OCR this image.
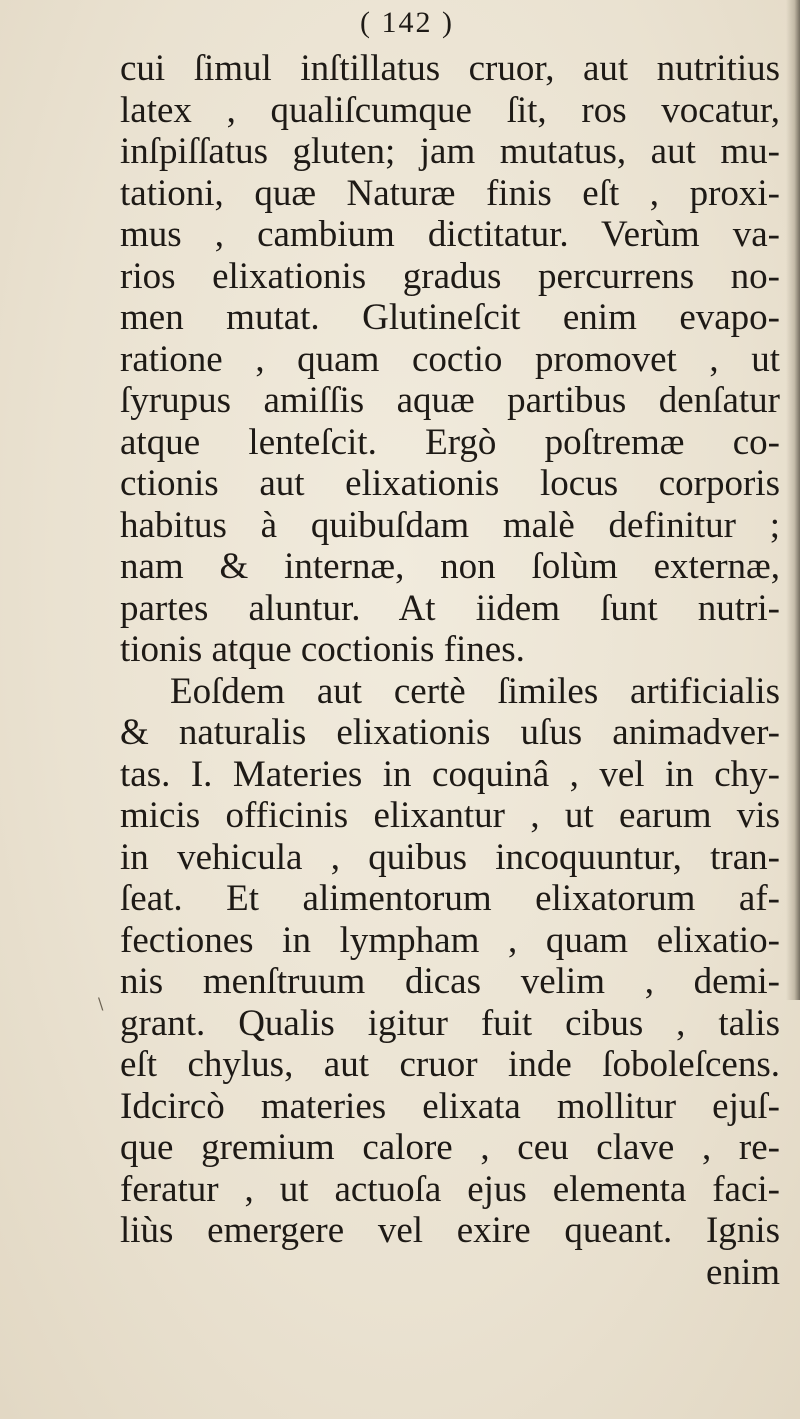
( 142 )
cui ſimul inſtillatus cruor, aut nutritius
latex , qualiſcumque ſit, ros vocatur,
inſpiſſatus gluten; jam mutatus, aut mu-
tationi, quæ Naturæ finis eſt , proxi-
mus , cambium dictitatur. Verùm va-
rios elixationis gradus percurrens no-
men mutat. Glutineſcit enim evapo-
ratione , quam coctio promovet , ut
ſyrupus amiſſis aquæ partibus denſatur
atque lenteſcit. Ergò poſtremæ co-
ctionis aut elixationis locus corporis
habitus à quibuſdam malè definitur ;
nam & internæ, non ſolùm externæ,
partes aluntur. At iidem ſunt nutri-
tionis atque coctionis fines.
Eoſdem aut certè ſimiles artificialis
& naturalis elixationis uſus animadver-
tas. I. Materies in coquinâ , vel in chy-
micis officinis elixantur , ut earum vis
in vehicula , quibus incoquuntur, tran-
ſeat. Et alimentorum elixatorum af-
fectiones in lympham , quam elixatio-
nis menſtruum dicas velim , demi-
grant. Qualis igitur fuit cibus , talis
eſt chylus, aut cruor inde ſoboleſcens.
Idcircò materies elixata mollitur ejuſ-
que gremium calore , ceu clave , re-
feratur , ut actuoſa ejus elementa faci-
liùs emergere vel exire queant. Ignis
enim
\
